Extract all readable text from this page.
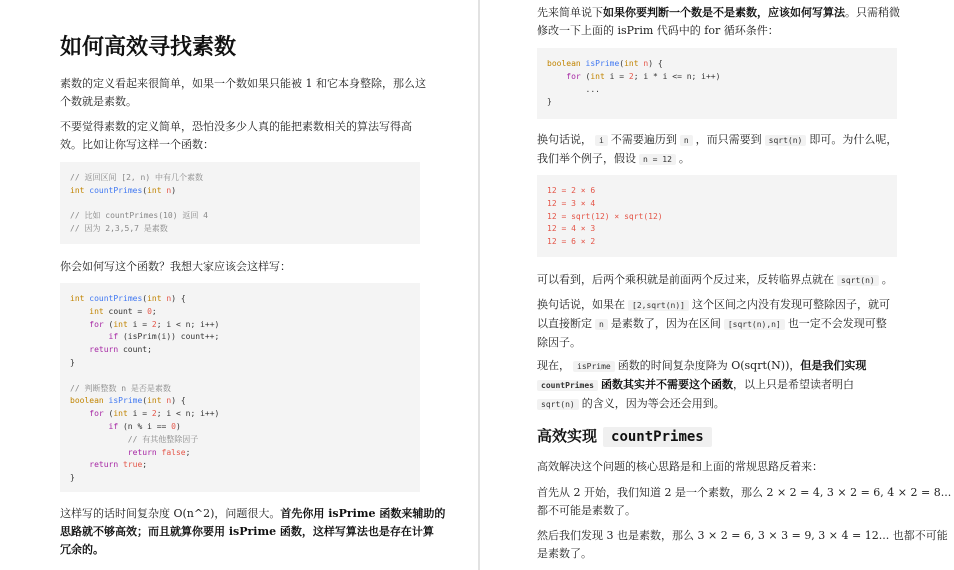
如何高效寻找素数
素数的定义看起来很简单，如果一个数如果只能被 1 和它本身整除，那么这
个数就是素数。
不要觉得素数的定义简单，恐怕没多少人真的能把素数相关的算法写得高
效。比如让你写这样一个函数：
// 返回区间 [2, n) 中有几个素数
int countPrimes(int n)
// 比如 countPrimes(10) 返回 4
// 因为 2,3,5,7 是素数
你会如何写这个函数？我想大家应该会这样写：
int countPrimes(int n) {
int count = 0;
for (int i = 2; i < n; i++)
if (isPrim(i)) count++;
return count;
}
// 判断整数 n 是否是素数
boolean isPrime(int n) {
for (int i = 2; i < n; i++)
if (n % i == 0)
// 有其他整除因子
return false;
return true;
}
这样写的话时间复杂度 O(n^2)，问题很大。首先你用 isPrime 函数来辅助的
思路就不够高效；而且就算你要用 isPrime 函数，这样写算法也是存在计算
冗余的。
先来简单说下如果你要判断一个数是不是素数，应该如何写算法。只需稍微
修改一下上面的 isPrim 代码中的 for 循环条件：
boolean isPrime(int n) {
for (int i = 2; i * i <= n; i++)
...
}
换句话说， i 不需要遍历到 n ，而只需要到 sqrt(n) 即可。为什么呢，
我们举个例子，假设 n = 12 。
12 = 2 × 6
12 = 3 × 4
12 = sqrt(12) × sqrt(12)
12 = 4 × 3
12 = 6 × 2
可以看到，后两个乘积就是前面两个反过来，反转临界点就在 sqrt(n) 。
换句话说，如果在 [2,sqrt(n)] 这个区间之内没有发现可整除因子，就可
以直接断定 n 是素数了，因为在区间 [sqrt(n),n] 也一定不会发现可整
除因子。
现在， isPrime 函数的时间复杂度降为 O(sqrt(N))，但是我们实现
countPrimes 函数其实并不需要这个函数，以上只是希望读者明白
sqrt(n) 的含义，因为等会还会用到。
高效实现 countPrimes
高效解决这个问题的核心思路是和上面的常规思路反着来：
首先从 2 开始，我们知道 2 是一个素数，那么 2 × 2 = 4, 3 × 2 = 6, 4 × 2 = 8...
都不可能是素数了。
然后我们发现 3 也是素数，那么 3 × 2 = 6, 3 × 3 = 9, 3 × 4 = 12... 也都不可能
是素数了。
